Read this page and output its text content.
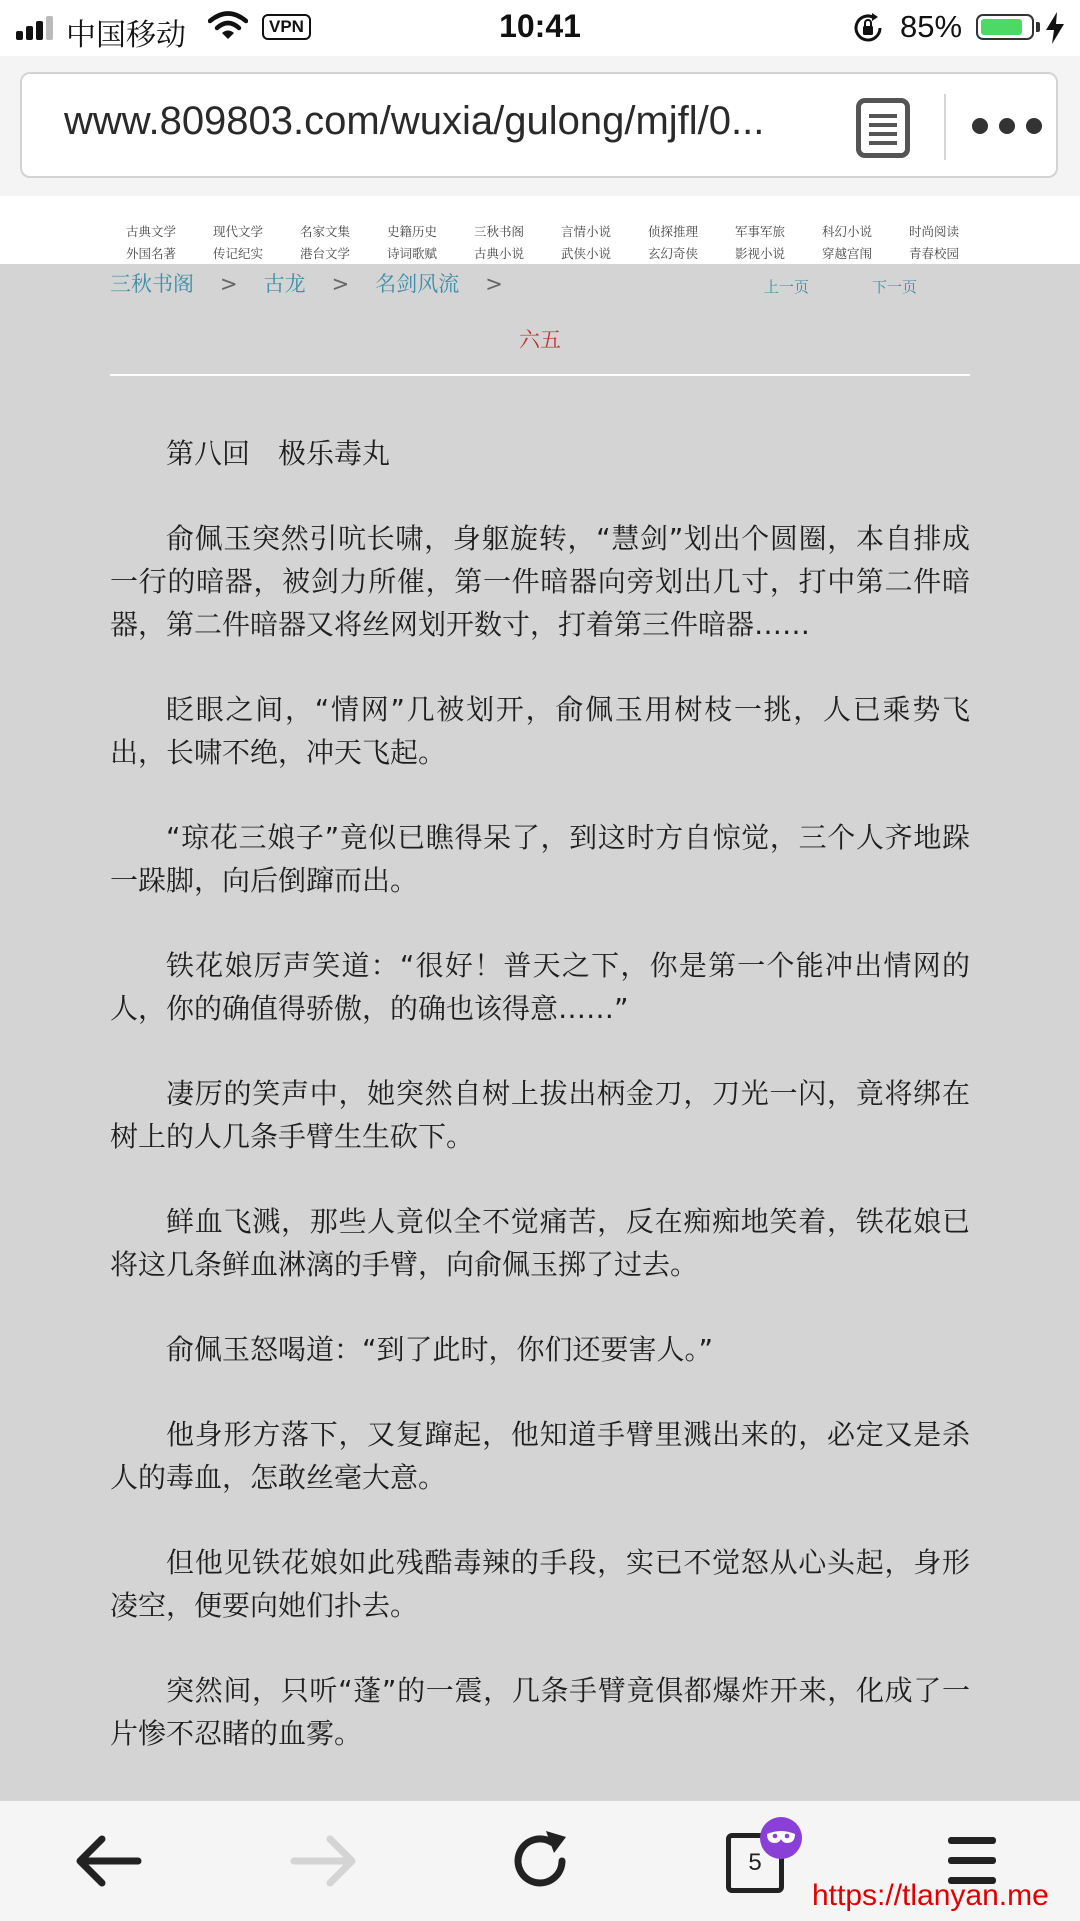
中国移动	VPN	10:41	85%
www.809803.com/wuxia/gulong/mjfl/0...
古典文学	现代文学	名家文集	史籍历史	三秋书阁	言情小说	侦探推理	军事军旅	科幻小说	时尚阅读
外国名著	传记纪实	港台文学	诗词歌赋	古典小说	武侠小说	玄幻奇侠	影视小说	穿越宫闱	青春校园
三秋书阁 > 古龙 > 名剑风流 >	上一页	下一页
六五

第八回　极乐毒丸

俞佩玉突然引吭长啸，身躯旋转，“慧剑”划出个圆圈，本自排成一行的暗器，被剑力所催，第一件暗器向旁划出几寸，打中第二件暗器，第二件暗器又将丝网划开数寸，打着第三件暗器……

眨眼之间，“情网”几被划开，俞佩玉用树枝一挑，人已乘势飞出，长啸不绝，冲天飞起。

“琼花三娘子”竟似已瞧得呆了，到这时方自惊觉，三个人齐地跺一跺脚，向后倒蹿而出。

铁花娘厉声笑道：“很好！普天之下，你是第一个能冲出情网的人，你的确值得骄傲，的确也该得意……”

凄厉的笑声中，她突然自树上拔出柄金刀，刀光一闪，竟将绑在树上的人几条手臂生生砍下。

鲜血飞溅，那些人竟似全不觉痛苦，反在痴痴地笑着，铁花娘已将这几条鲜血淋漓的手臂，向俞佩玉掷了过去。

俞佩玉怒喝道：“到了此时，你们还要害人。”

他身形方落下，又复蹿起，他知道手臂里溅出来的，必定又是杀人的毒血，怎敢丝毫大意。

但他见铁花娘如此残酷毒辣的手段，实已不觉怒从心头起，身形凌空，便要向她们扑去。

突然间，只听“蓬”的一震，几条手臂竟俱都爆炸开来，化成了一片惨不忍睹的血雾。

5
https://tlanyan.me
